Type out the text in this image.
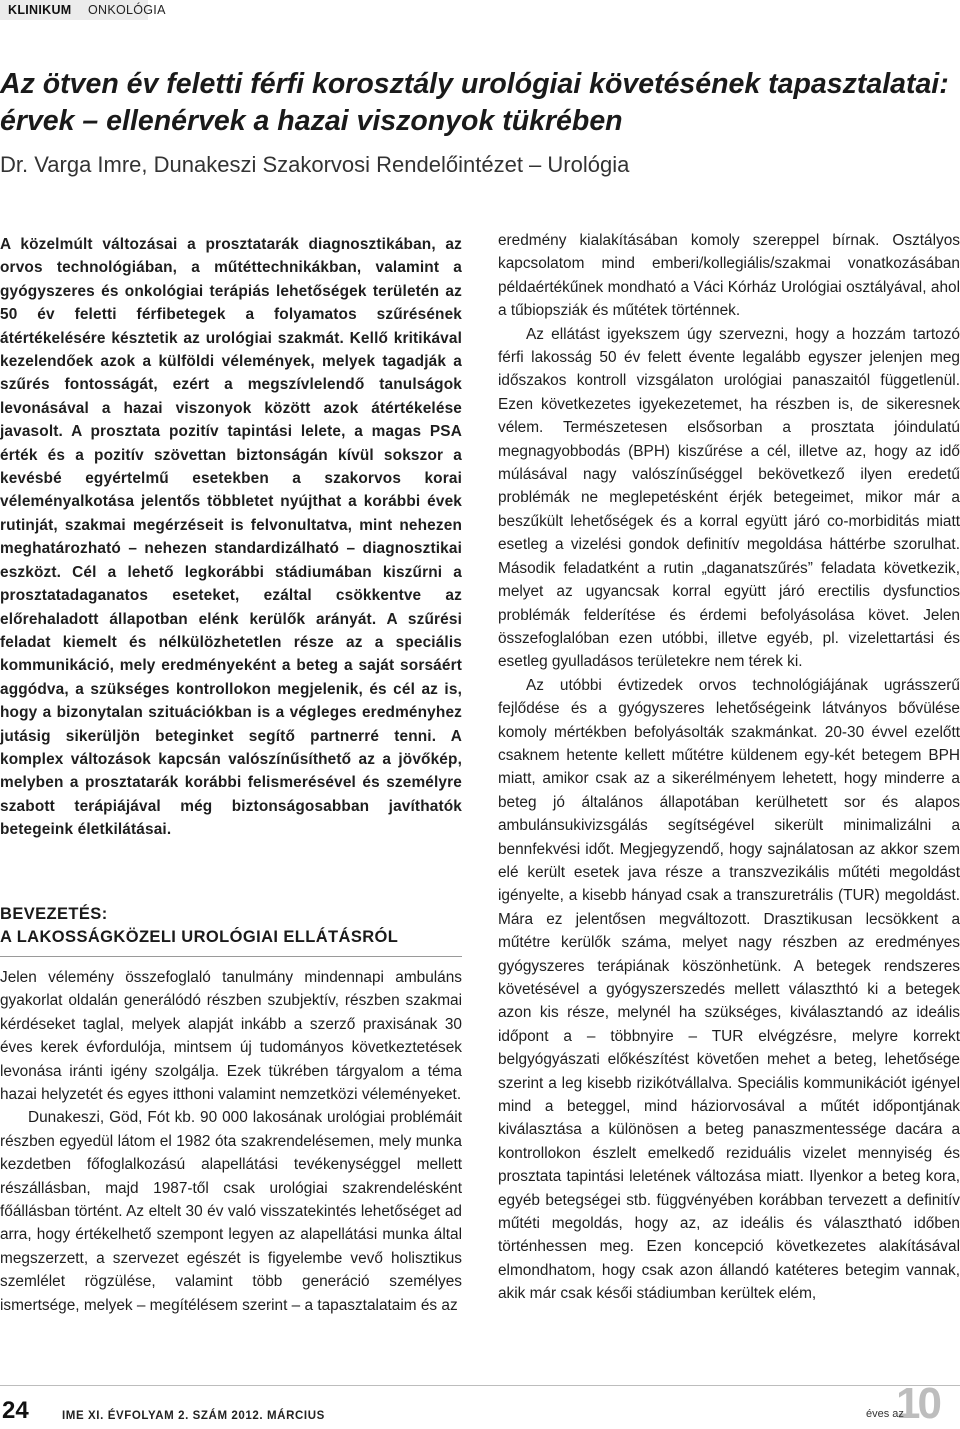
KLINIKUM ONKOLÓGIA
Az ötven év feletti férfi korosztály urológiai követésének tapasztalatai:
érvek – ellenérvek a hazai viszonyok tükrében
Dr. Varga Imre, Dunakeszi Szakorvosi Rendelőintézet – Urológia

A közelmúlt változásai a prosztatarák diagnosztikában, az orvos technológiában, a műtéttechnikákban, valamint a gyógyszeres és onkológiai terápiás lehetőségek területén az 50 év feletti férfibetegek a folyamatos szűrésének átértékelésére késztetik az urológiai szakmát. Kellő kritikával kezelendőek azok a külföldi vélemények, melyek tagadják a szűrés fontosságát, ezért a megszívlelendő tanulságok levonásával a hazai viszonyok között azok átértékelése javasolt. A prosztata pozitív tapintási lelete, a magas PSA érték és a pozitív szövettan biztonságán kívül sokszor a kevésbé egyértelmű esetekben a szakorvos korai véleményalkotása jelentős többletet nyújthat a korábbi évek rutinját, szakmai megérzéseit is felvonultatva, mint nehezen meghatározható – nehezen standardizálható – diagnosztikai eszközt. Cél a lehető legkorábbi stádiumában kiszűrni a prosztatadaganatos eseteket, ezáltal csökkentve az előrehaladott állapotban elénk kerülők arányát. A szűrési feladat kiemelt és nélkülözhetetlen része az a speciális kommunikáció, mely eredményeként a beteg a saját sorsáért aggódva, a szükséges kontrollokon megjelenik, és cél az is, hogy a bizonytalan szituációkban is a végleges eredményhez jutásig sikerüljön beteginket segítő partnerré tenni. A komplex változások kapcsán valószínűsíthető az a jövőkép, melyben a prosztatarák korábbi felismerésével és személyre szabott terápiájával még biztonságosabban javíthatók betegeink életkilátásai.

BEVEZETÉS:
A LAKOSSÁGKÖZELI UROLÓGIAI ELLÁTÁSRÓL

Jelen vélemény összefoglaló tanulmány mindennapi ambuláns gyakorlat oldalán generálódó részben szubjektív, részben szakmai kérdéseket taglal, melyek alapját inkább a szerző praxisának 30 éves kerek évfordulója, mintsem új tudományos következtetések levonása iránti igény szolgálja. Ezek tükrében tárgyalom a téma hazai helyzetét és egyes itthoni valamint nemzetközi véleményeket.

Dunakeszi, Göd, Fót kb. 90 000 lakosának urológiai problémáit részben egyedül látom el 1982 óta szakrendelésemen, mely munka kezdetben főfoglalkozású alapellátási tevékenységgel mellett részállásban, majd 1987-től csak urológiai szakrendelésként főállásban történt. Az eltelt 30 év való visszatekintés lehetőséget ad arra, hogy értékelhető szempont legyen az alapellátási munka által megszerzett, a szervezet egészét is figyelembe vevő holisztikus szemlélet rögzülése, valamint több generáció személyes ismertsége, melyek – megítélésem szerint – a tapasztalataim és az

eredmény kialakításában komoly szereppel bírnak. Osztályos kapcsolatom mind emberi/kollegiális/szakmai vonatkozásában példaértékűnek mondható a Váci Kórház Urológiai osztályával, ahol a tűbiopsziák és műtétek történnek.

Az ellátást igyekszem úgy szervezni, hogy a hozzám tartozó férfi lakosság 50 év felett évente legalább egyszer jelenjen meg időszakos kontroll vizsgálaton urológiai panaszaitól függetlenül. Ezen következetes igyekezetemet, ha részben is, de sikeresnek vélem. Természetesen elsősorban a prosztata jóindulatú megnagyobbodás (BPH) kiszűrése a cél, illetve az, hogy az idő múlásával nagy valószínűséggel bekövetkező ilyen eredetű problémák ne meglepetésként érjék betegeimet, mikor már a beszűkült lehetőségek és a korral együtt járó co-morbiditás miatt esetleg a vizelési gondok definitív megoldása háttérbe szorulhat. Második feladatként a rutin „daganatszűrés” feladata következik, melyet az ugyancsak korral együtt járó erectilis dysfunctios problémák felderítése és érdemi befolyásolása követ. Jelen összefoglalóban ezen utóbbi, illetve egyéb, pl. vizelettartási és esetleg gyulladásos területekre nem térek ki.

Az utóbbi évtizedek orvos technológiájának ugrásszerű fejlődése és a gyógyszeres lehetőségeink látványos bővülése komoly mértékben befolyásolták szakmánkat. 20-30 évvel ezelőtt csaknem hetente kellett műtétre küldenem egy-két betegem BPH miatt, amikor csak az a sikerélményem lehetett, hogy minderre a beteg jó általános állapotában kerülhetett sor és alapos ambulánsukivizsgálás segítségével sikerült minimalizálni a bennfekvési időt. Megjegyzendő, hogy sajnálatosan az akkor szem elé került esetek java része a transzvezikális műtéti megoldást igényelte, a kisebb hányad csak a transzuretrális (TUR) megoldást. Mára ez jelentősen megváltozott. Drasztikusan lecsökkent a műtétre kerülők száma, melyet nagy részben az eredményes gyógyszeres terápiának köszönhetünk. A betegek rendszeres követésével a gyógyszerszedés mellett választhtó ki a betegek azon kis része, melynél ha szükséges, kiválasztandó az ideális időpont a – többnyire – TUR elvégzésre, melyre korrekt belgyógyászati előkészítést követően mehet a beteg, lehetősége szerint a leg kisebb rizikótvállalva. Speciális kommunikációt igényel mind a beteggel, mind háziorvosával a műtét időpontjának kiválasztása a különösen a beteg panaszmentessége dacára a kontrollokon észlelt emelkedő reziduális vizelet mennyiség és prosztata tapintási leletének változása miatt. Ilyenkor a beteg kora, egyéb betegségei stb. függvényében korábban tervezett a definitív műtéti megoldás, hogy az, az ideális és választható időben történhessen meg. Ezen koncepció következetes alakításával elmondhatom, hogy csak azon állandó katéteres betegim vannak, akik már csak késői stádiumban kerültek elém,

24	IME XI. ÉVFOLYAM 2. SZÁM 2012. MÁRCIUS	10
éves az
